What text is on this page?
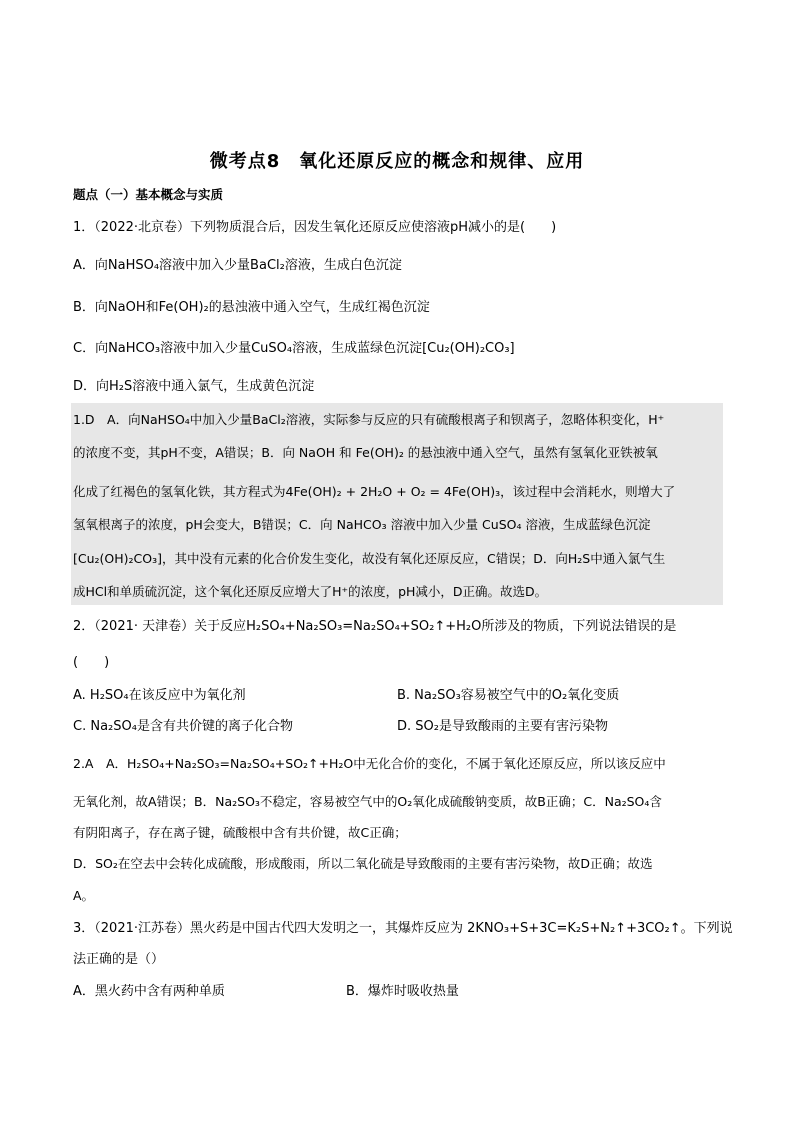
微考点8　氧化还原反应的概念和规律、应用
题点（一）基本概念与实质
1．（2022·北京卷）下列物质混合后，因发生氧化还原反应使溶液pH减小的是(　　)
A．向NaHSO₄溶液中加入少量BaCl₂溶液，生成白色沉淀
B．向NaOH和Fe(OH)₂的悬浊液中通入空气，生成红褐色沉淀
C．向NaHCO₃溶液中加入少量CuSO₄溶液，生成蓝绿色沉淀[Cu₂(OH)₂CO₃]
D．向H₂S溶液中通入氯气，生成黄色沉淀
1.D　A．向NaHSO₄中加入少量BaCl₂溶液，实际参与反应的只有硫酸根离子和钡离子，忽略体积变化，H⁺
的浓度不变，其pH不变，A错误；B．向 NaOH 和 Fe(OH)₂ 的悬浊液中通入空气，虽然有氢氧化亚铁被氧
化成了红褐色的氢氧化铁，其方程式为4Fe(OH)₂ + 2H₂O + O₂ = 4Fe(OH)₃，该过程中会消耗水，则增大了
氢氧根离子的浓度，pH会变大，B错误；C．向 NaHCO₃ 溶液中加入少量 CuSO₄ 溶液，生成蓝绿色沉淀
[Cu₂(OH)₂CO₃]，其中没有元素的化合价发生变化，故没有氧化还原反应，C错误；D．向H₂S中通入氯气生
成HCl和单质硫沉淀，这个氧化还原反应增大了H⁺的浓度，pH减小，D正确。故选D。
2．（2021· 天津卷）关于反应H₂SO₄+Na₂SO₃=Na₂SO₄+SO₂↑+H₂O所涉及的物质，下列说法错误的是
(　　)
A. H₂SO₄在该反应中为氧化剂	B. Na₂SO₃容易被空气中的O₂氧化变质
C. Na₂SO₄是含有共价键的离子化合物	D. SO₂是导致酸雨的主要有害污染物
2.A　A．H₂SO₄+Na₂SO₃=Na₂SO₄+SO₂↑+H₂O中无化合价的变化，不属于氧化还原反应，所以该反应中
无氧化剂，故A错误；B．Na₂SO₃不稳定，容易被空气中的O₂氧化成硫酸钠变质，故B正确；C．Na₂SO₄含
有阴阳离子，存在离子键，硫酸根中含有共价键，故C正确；
D．SO₂在空去中会转化成硫酸，形成酸雨，所以二氧化硫是导致酸雨的主要有害污染物，故D正确；故选
A。
3．（2021·江苏卷）黑火药是中国古代四大发明之一，其爆炸反应为 2KNO₃+S+3C=K₂S+N₂↑+3CO₂↑。下列说
法正确的是（）
A．黑火药中含有两种单质	B．爆炸时吸收热量
